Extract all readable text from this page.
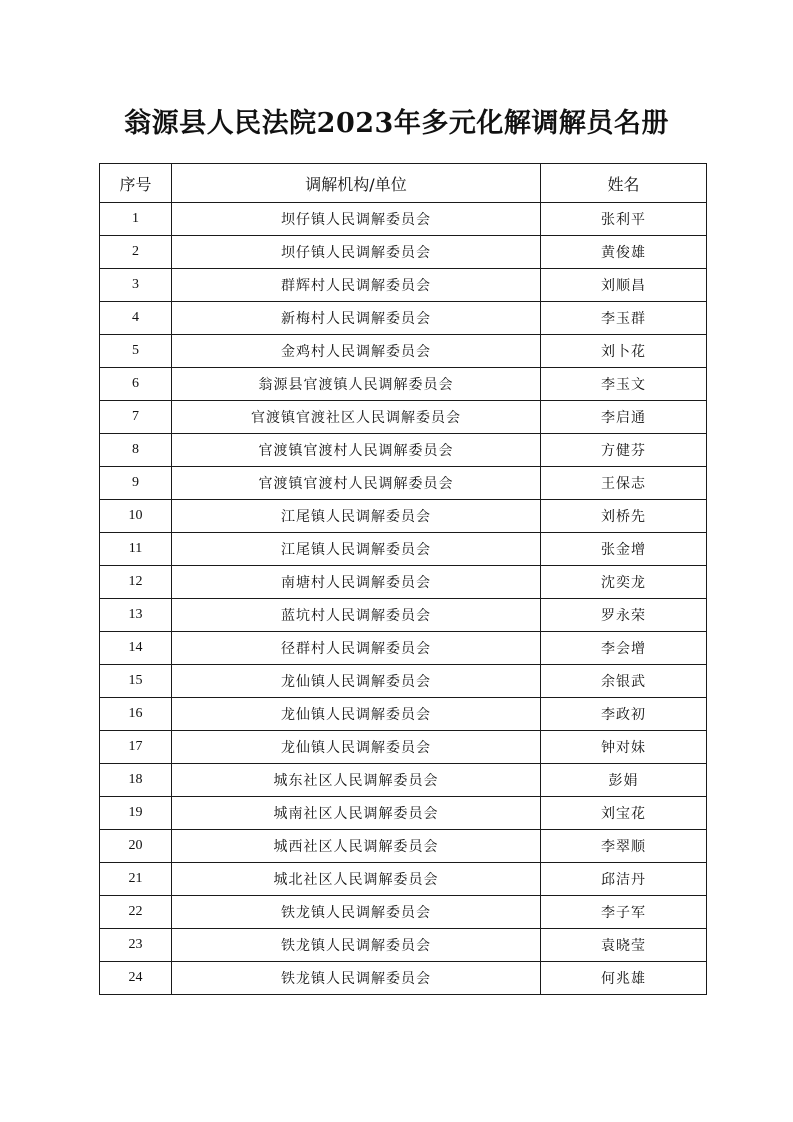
翁源县人民法院2023年多元化解调解员名册
序号	调解机构/单位	姓名
1	坝仔镇人民调解委员会	张利平
2	坝仔镇人民调解委员会	黄俊雄
3	群辉村人民调解委员会	刘顺昌
4	新梅村人民调解委员会	李玉群
5	金鸡村人民调解委员会	刘卜花
6	翁源县官渡镇人民调解委员会	李玉文
7	官渡镇官渡社区人民调解委员会	李启通
8	官渡镇官渡村人民调解委员会	方健芬
9	官渡镇官渡村人民调解委员会	王保志
10	江尾镇人民调解委员会	刘桥先
11	江尾镇人民调解委员会	张金增
12	南塘村人民调解委员会	沈奕龙
13	蓝坑村人民调解委员会	罗永荣
14	径群村人民调解委员会	李会增
15	龙仙镇人民调解委员会	余银武
16	龙仙镇人民调解委员会	李政初
17	龙仙镇人民调解委员会	钟对妹
18	城东社区人民调解委员会	彭娟
19	城南社区人民调解委员会	刘宝花
20	城西社区人民调解委员会	李翠顺
21	城北社区人民调解委员会	邱洁丹
22	铁龙镇人民调解委员会	李子军
23	铁龙镇人民调解委员会	袁晓莹
24	铁龙镇人民调解委员会	何兆雄
